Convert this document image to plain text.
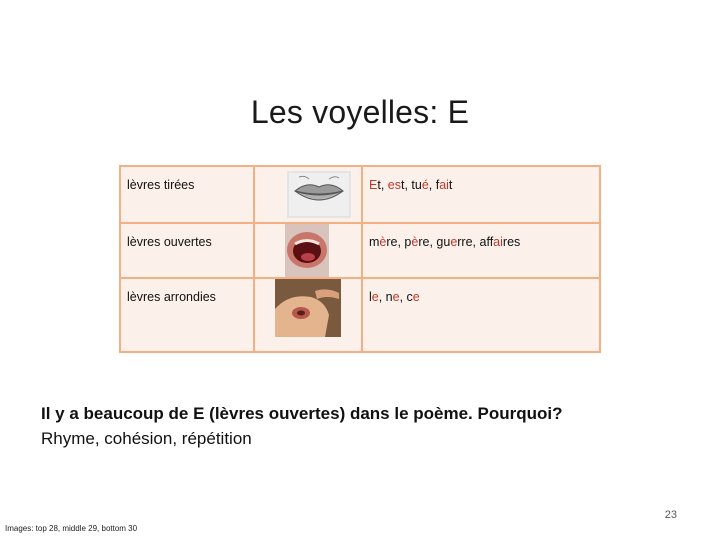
Les voyelles: E
lèvres tirées		Et, est, tué, fait

lèvres ouvertes		mère, père, guerre, affaires

lèvres arrondies		le, ne, ce
Il y a beaucoup de E (lèvres ouvertes) dans le poème. Pourquoi?
Rhyme, cohésion, répétition
23
Images: top 28, middle 29, bottom 30
